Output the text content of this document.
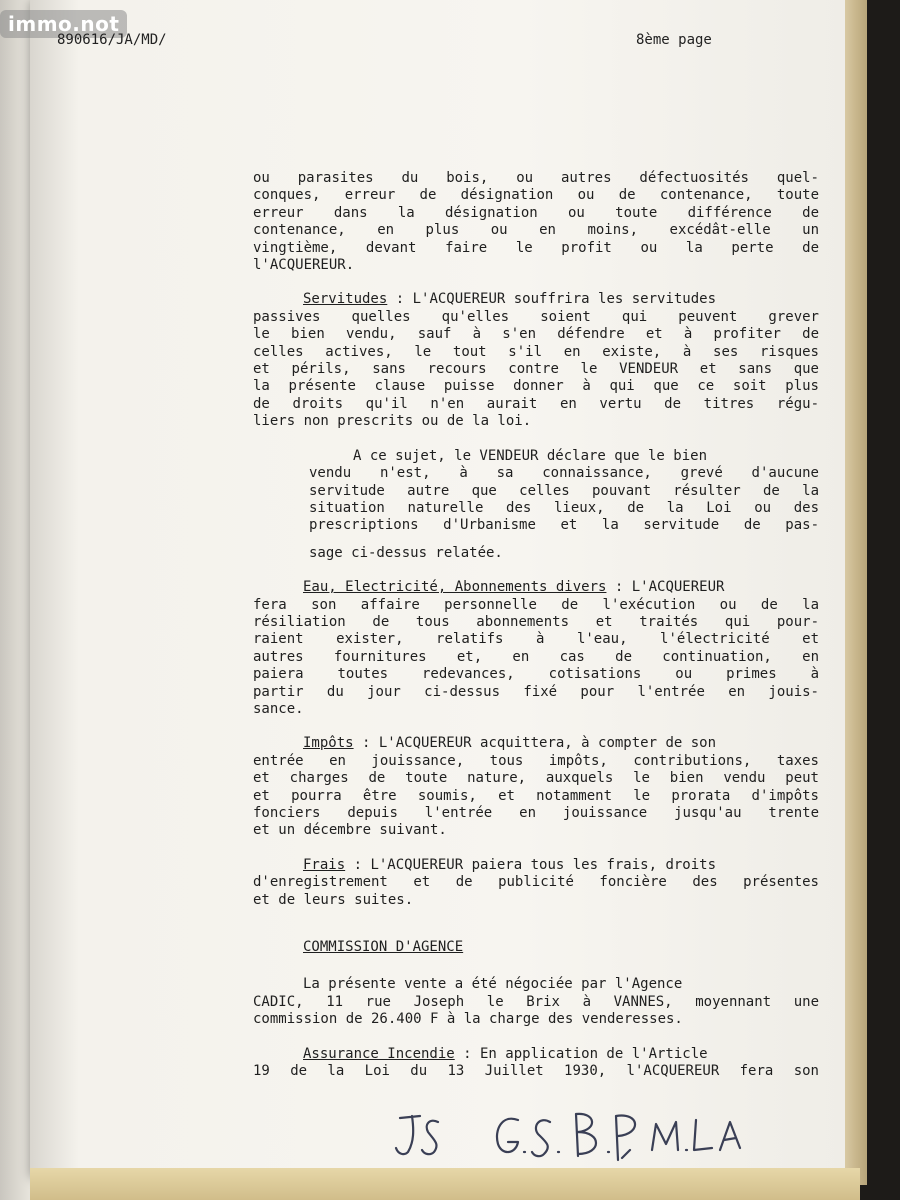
immo.not
890616/JA/MD/	8ème page
ou parasites du bois, ou autres défectuosités quel-
conques, erreur de désignation ou de contenance, toute
erreur dans la désignation ou toute différence de
contenance, en plus ou en moins, excédât-elle un
vingtième, devant faire le profit ou la perte de
l'ACQUEREUR.
Servitudes : L'ACQUEREUR souffrira les servitudes
passives quelles qu'elles soient qui peuvent grever
le bien vendu, sauf à s'en défendre et à profiter de
celles actives, le tout s'il en existe, à ses risques
et périls, sans recours contre le VENDEUR et sans que
la présente clause puisse donner à qui que ce soit plus
de droits qu'il n'en aurait en vertu de titres régu-
liers non prescrits ou de la loi.
A ce sujet, le VENDEUR déclare que le bien
vendu n'est, à sa connaissance, grevé d'aucune
servitude autre que celles pouvant résulter de la
situation naturelle des lieux, de la Loi ou des
prescriptions d'Urbanisme et la servitude de pas-
sage ci-dessus relatée.
Eau, Electricité, Abonnements divers : L'ACQUEREUR
fera son affaire personnelle de l'exécution ou de la
résiliation de tous abonnements et traités qui pour-
raient exister, relatifs à l'eau, l'électricité et
autres fournitures et, en cas de continuation, en
paiera toutes redevances, cotisations ou primes à
partir du jour ci-dessus fixé pour l'entrée en jouis-
sance.
Impôts : L'ACQUEREUR acquittera, à compter de son
entrée en jouissance, tous impôts, contributions, taxes
et charges de toute nature, auxquels le bien vendu peut
et pourra être soumis, et notamment le prorata d'impôts
fonciers depuis l'entrée en jouissance jusqu'au trente
et un décembre suivant.
Frais : L'ACQUEREUR paiera tous les frais, droits
d'enregistrement et de publicité foncière des présentes
et de leurs suites.
COMMISSION D'AGENCE
La présente vente a été négociée par l'Agence
CADIC, 11 rue Joseph le Brix à VANNES, moyennant une
commission de 26.400 F à la charge des venderesses.
Assurance Incendie : En application de l'Article
19 de la Loi du 13 Juillet 1930, l'ACQUEREUR fera son
